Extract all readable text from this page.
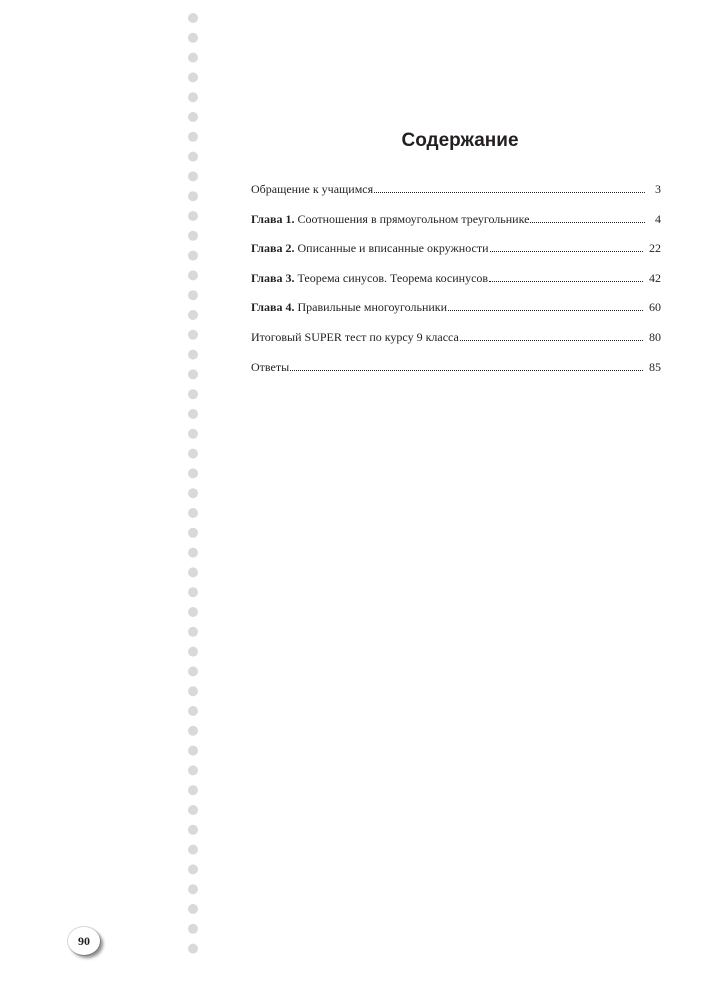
Содержание
Обращение к учащимся	3
Глава 1. Соотношения в прямоугольном треугольнике	4
Глава 2. Описанные и вписанные окружности	22
Глава 3. Теорема синусов. Теорема косинусов	42
Глава 4. Правильные многоугольники	60
Итоговый SUPER тест по курсу 9 класса	80
Ответы	85
90
